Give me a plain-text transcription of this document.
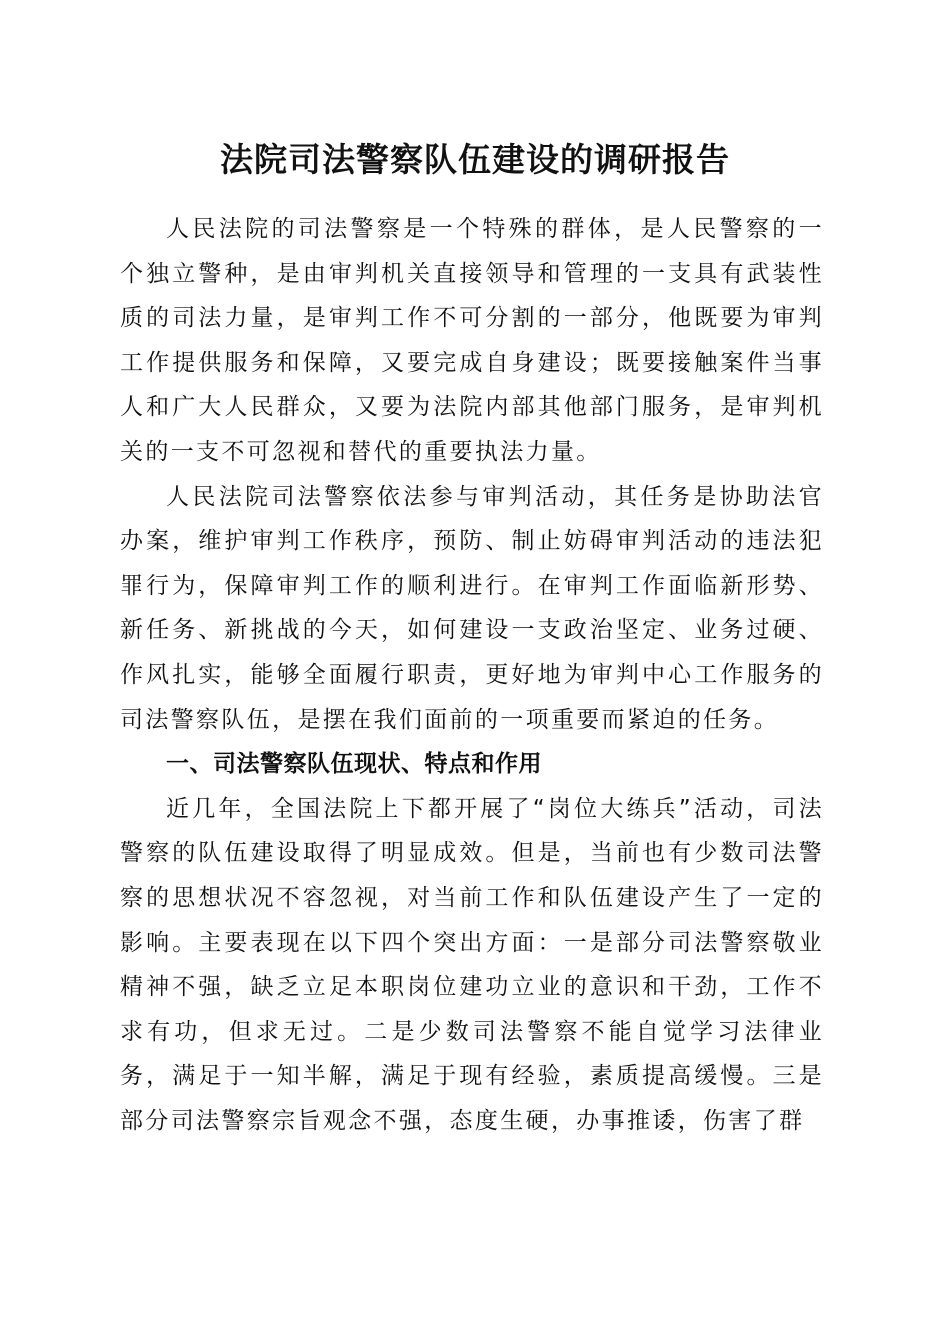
法院司法警察队伍建设的调研报告

人民法院的司法警察是一个特殊的群体，是人民警察的一个独立警种，是由审判机关直接领导和管理的一支具有武装性质的司法力量，是审判工作不可分割的一部分，他既要为审判工作提供服务和保障，又要完成自身建设；既要接触案件当事人和广大人民群众，又要为法院内部其他部门服务，是审判机关的一支不可忽视和替代的重要执法力量。

人民法院司法警察依法参与审判活动，其任务是协助法官办案，维护审判工作秩序，预防、制止妨碍审判活动的违法犯罪行为，保障审判工作的顺利进行。在审判工作面临新形势、新任务、新挑战的今天，如何建设一支政治坚定、业务过硬、作风扎实，能够全面履行职责，更好地为审判中心工作服务的司法警察队伍，是摆在我们面前的一项重要而紧迫的任务。

一、司法警察队伍现状、特点和作用

近几年，全国法院上下都开展了“岗位大练兵”活动，司法警察的队伍建设取得了明显成效。但是，当前也有少数司法警察的思想状况不容忽视，对当前工作和队伍建设产生了一定的影响。主要表现在以下四个突出方面：一是部分司法警察敬业精神不强，缺乏立足本职岗位建功立业的意识和干劲，工作不求有功，但求无过。二是少数司法警察不能自觉学习法律业务，满足于一知半解，满足于现有经验，素质提高缓慢。三是部分司法警察宗旨观念不强，态度生硬，办事推诿，伤害了群
